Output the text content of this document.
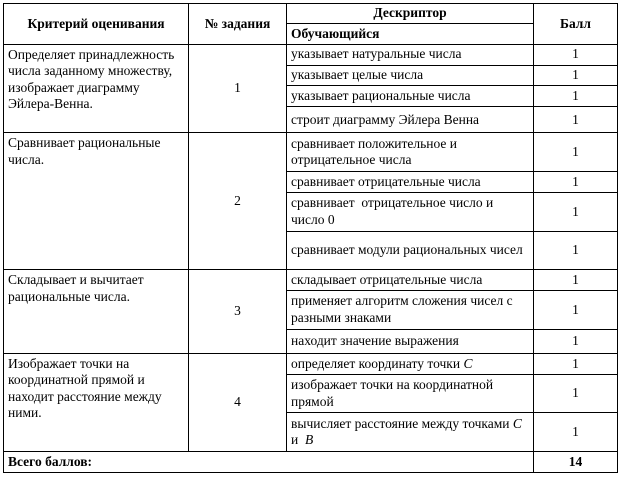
Критерий оценивания	№ задания	Дескриптор	Балл
		Обучающийся	
Определяет принадлежность числа заданному множеству, изображает диаграмму Эйлера-Венна.	1	указывает натуральные числа	1
		указывает целые числа	1
		указывает рациональные числа	1
		строит диаграмму Эйлера Венна	1
Сравнивает рациональные числа.	2	сравнивает положительное и отрицательное числа	1
		сравнивает отрицательные числа	1
		сравнивает  отрицательное число и число 0	1
		сравнивает модули рациональных чисел	1
Складывает и вычитает рациональные числа.	3	складывает отрицательные числа	1
		применяет алгоритм сложения чисел с разными знаками	1
		находит значение выражения	1
Изображает точки на координатной прямой и находит расстояние между ними.	4	определяет координату точки С	1
		изображает точки на координатной прямой	1
		вычисляет расстояние между точками С  и  В	1
Всего баллов:			14
